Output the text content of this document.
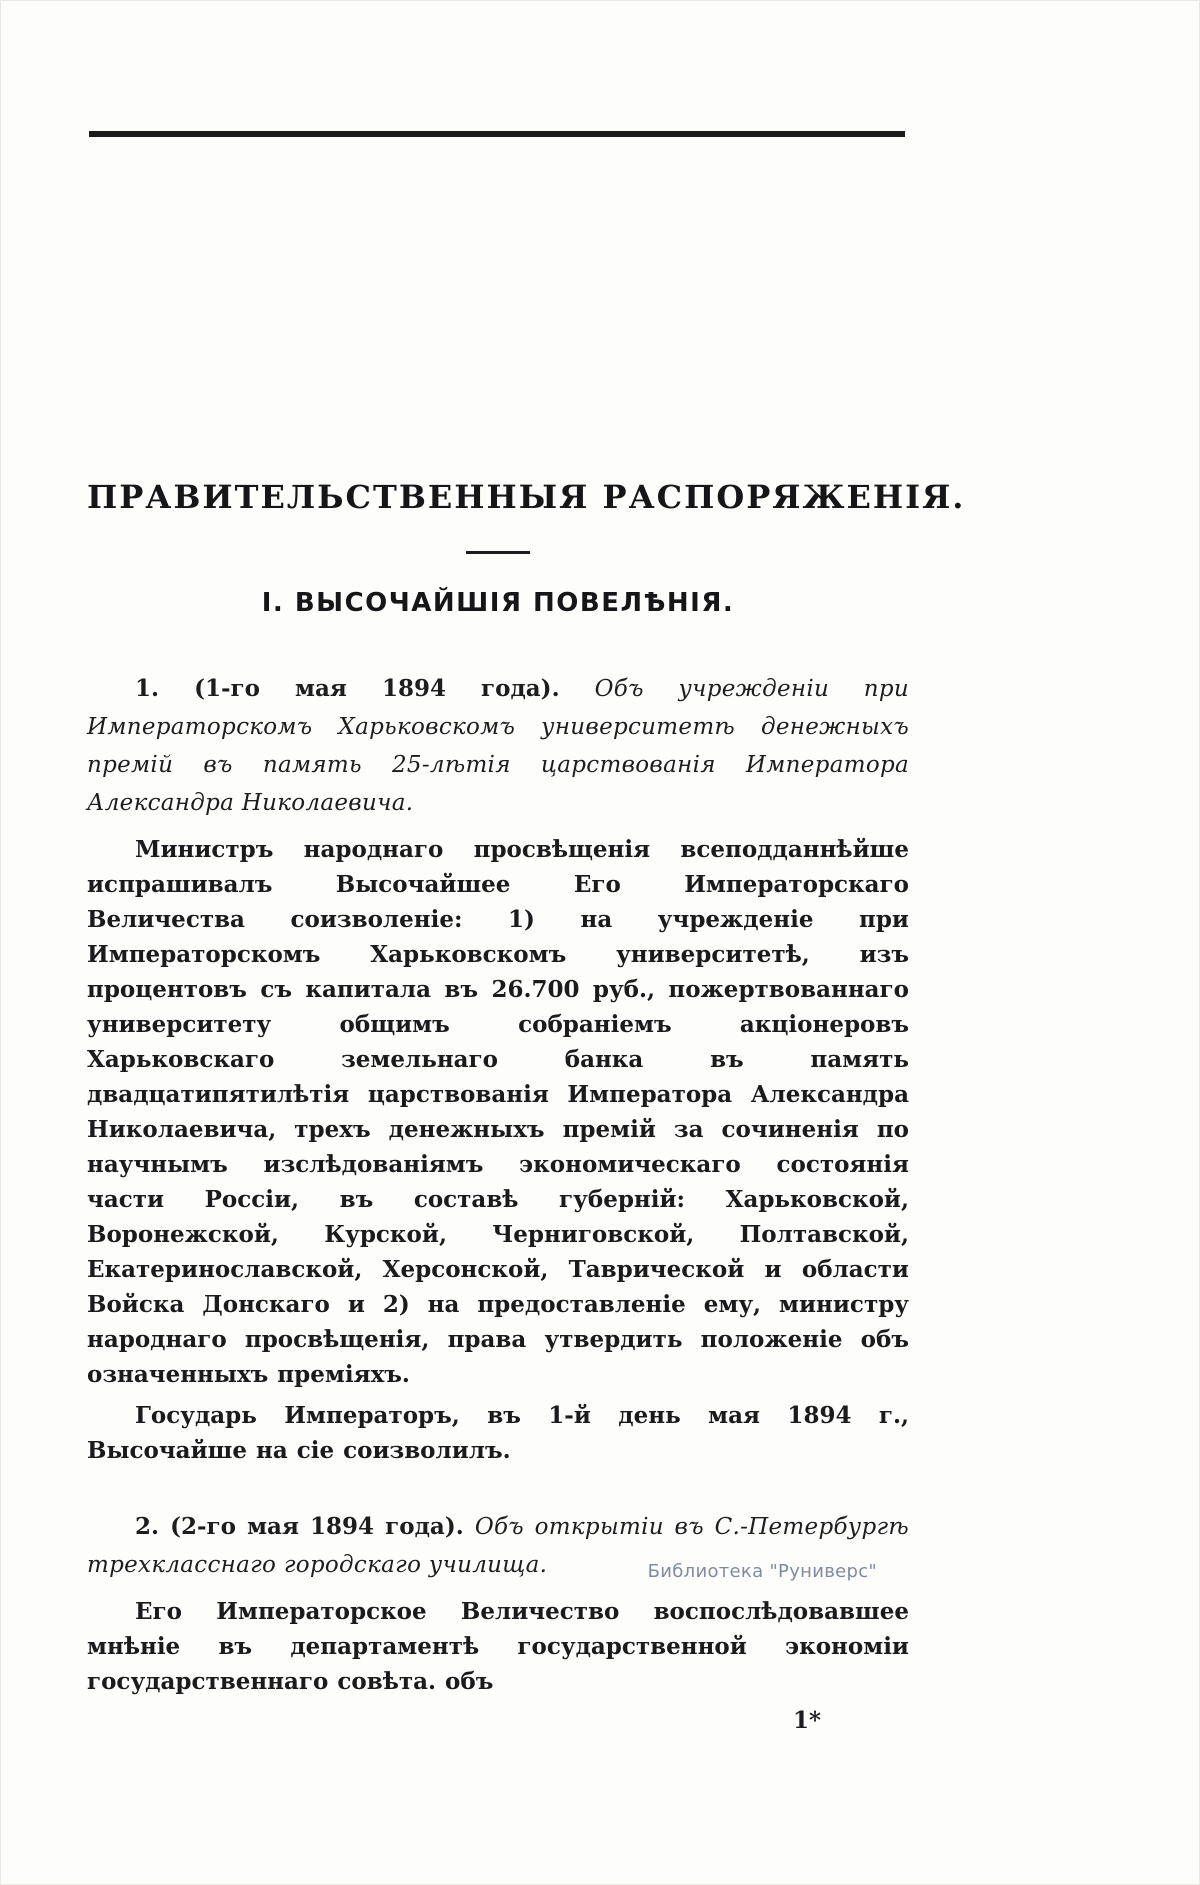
ПРАВИТЕЛЬСТВЕННЫЯ РАСПОРЯЖЕНІЯ.
I. ВЫСОЧАЙШІЯ ПОВЕЛѢНІЯ.

1. (1-го мая 1894 года). Объ учрежденіи при Императорскомъ Харьковскомъ университетѣ денежныхъ премій въ память 25-лѣтія царствованія Императора Александра Николаевича.

Министръ народнаго просвѣщенія всеподданнѣйше испрашивалъ Высочайшее Его Императорскаго Величества соизволеніе: 1) на учрежденіе при Императорскомъ Харьковскомъ университетѣ, изъ процентовъ съ капитала въ 26.700 руб., пожертвованнаго университету общимъ собраніемъ акціонеровъ Харьковскаго земельнаго банка въ память двадцатипятилѣтія царствованія Императора Александра Николаевича, трехъ денежныхъ премій за сочиненія по научнымъ изслѣдованіямъ экономическаго состоянія части Россіи, въ составѣ губерній: Харьковской, Воронежской, Курской, Черниговской, Полтавской, Екатеринославской, Херсонской, Таврической и области Войска Донскаго и 2) на предоставленіе ему, министру народнаго просвѣщенія, права утвердить положеніе объ означенныхъ преміяхъ.

Государь Императоръ, въ 1-й день мая 1894 г., Высочайше на сіе соизволилъ.

2. (2-го мая 1894 года). Объ открытіи въ С.-Петербургѣ трехкласснаго городскаго училища.

Его Императорское Величество воспослѣдовавшее мнѣніе въ департаментѣ государственной экономіи государственнаго совѣта. объ

1*
Библиотека "Руниверс"
